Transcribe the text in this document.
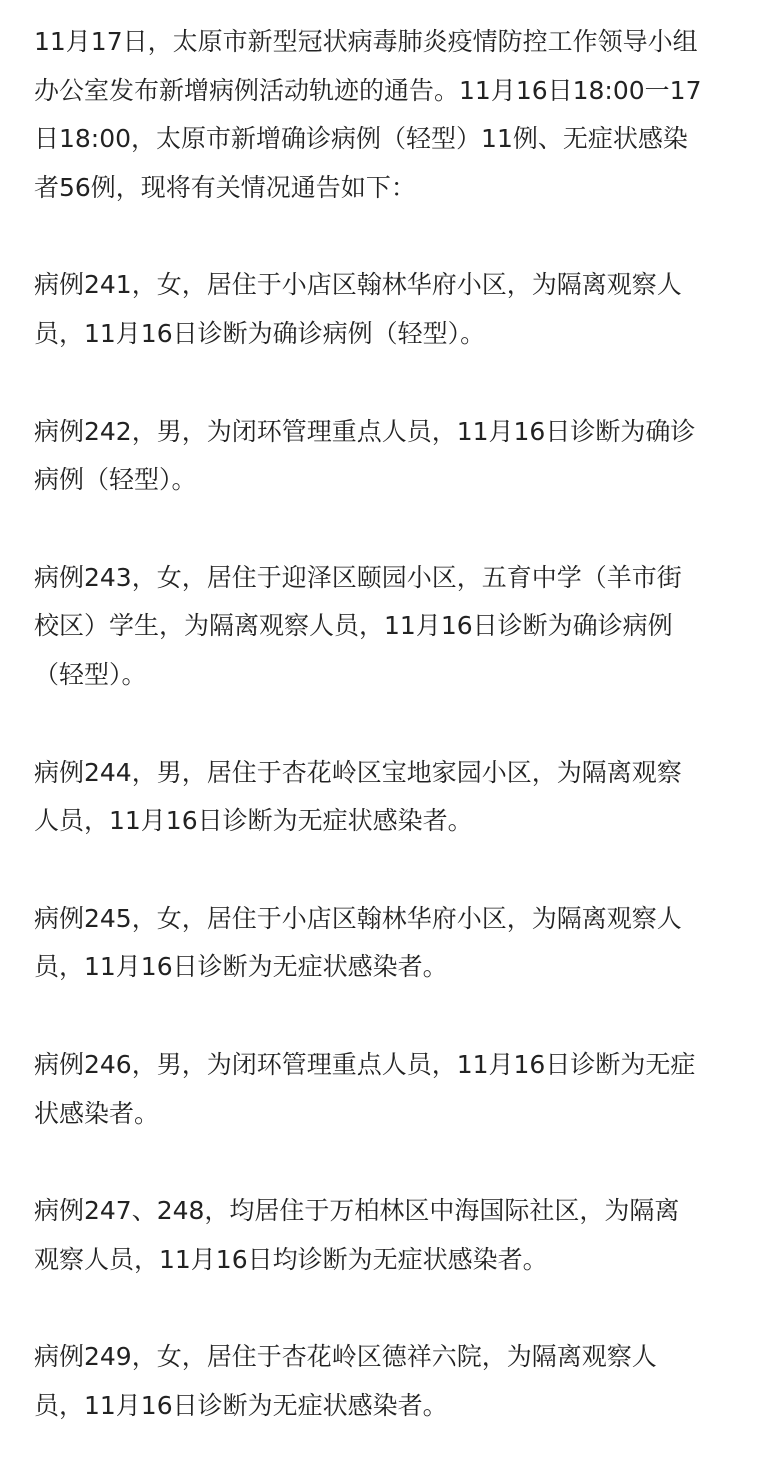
11月17日，太原市新型冠状病毒肺炎疫情防控工作领导小组
办公室发布新增病例活动轨迹的通告。11月16日18:00一17
日18:00，太原市新增确诊病例（轻型）11例、无症状感染
者56例，现将有关情况通告如下：
病例241，女，居住于小店区翰林华府小区，为隔离观察人
员，11月16日诊断为确诊病例（轻型）。
病例242，男，为闭环管理重点人员，11月16日诊断为确诊
病例（轻型）。
病例243，女，居住于迎泽区颐园小区，五育中学（羊市街
校区）学生，为隔离观察人员，11月16日诊断为确诊病例
（轻型）。
病例244，男，居住于杏花岭区宝地家园小区，为隔离观察
人员，11月16日诊断为无症状感染者。
病例245，女，居住于小店区翰林华府小区，为隔离观察人
员，11月16日诊断为无症状感染者。
病例246，男，为闭环管理重点人员，11月16日诊断为无症
状感染者。
病例247、248，均居住于万柏林区中海国际社区，为隔离
观察人员，11月16日均诊断为无症状感染者。
病例249，女，居住于杏花岭区德祥六院，为隔离观察人
员，11月16日诊断为无症状感染者。
